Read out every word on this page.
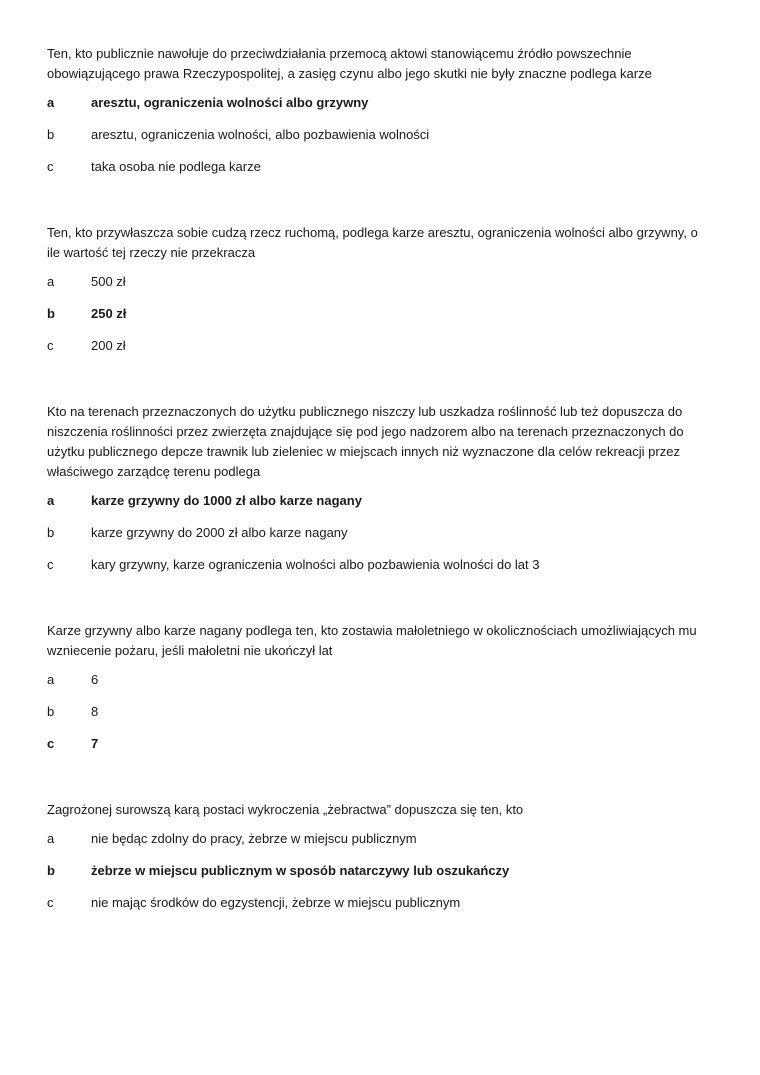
Ten, kto publicznie nawołuje do przeciwdziałania przemocą aktowi stanowiącemu źródło powszechnie obowiązującego prawa Rzeczypospolitej, a zasięg czynu albo jego skutki nie były znaczne podlega karze
a	aresztu, ograniczenia wolności albo grzywny
b	aresztu, ograniczenia wolności, albo pozbawienia wolności
c	taka osoba nie podlega karze
Ten, kto przywłaszcza sobie cudzą rzecz ruchomą, podlega karze aresztu, ograniczenia wolności albo grzywny, o ile wartość tej rzeczy nie przekracza
a	500 zł
b	250 zł
c	200 zł
Kto na terenach przeznaczonych do użytku publicznego niszczy lub uszkadza roślinność lub też dopuszcza do niszczenia roślinności przez zwierzęta znajdujące się pod jego nadzorem albo na terenach przeznaczonych do użytku publicznego depcze trawnik lub zieleniec w miejscach innych niż wyznaczone dla celów rekreacji przez właściwego zarządcę terenu podlega
a	karze grzywny do 1000 zł albo karze nagany
b	karze grzywny do 2000 zł albo karze nagany
c	kary grzywny, karze ograniczenia wolności albo pozbawienia wolności do lat 3
Karze grzywny albo karze nagany podlega ten, kto zostawia małoletniego w okolicznościach umożliwiających mu wzniecenie pożaru, jeśli małoletni nie ukończył lat
a	6
b	8
c	7
Zagrożonej surowszą karą postaci wykroczenia „żebractwa” dopuszcza się ten, kto
a	nie będąc zdolny do pracy, żebrze w miejscu publicznym
b	żebrze w miejscu publicznym w sposób natarczywy lub oszukańczy
c	nie mając środków do egzystencji, żebrze w miejscu publicznym
